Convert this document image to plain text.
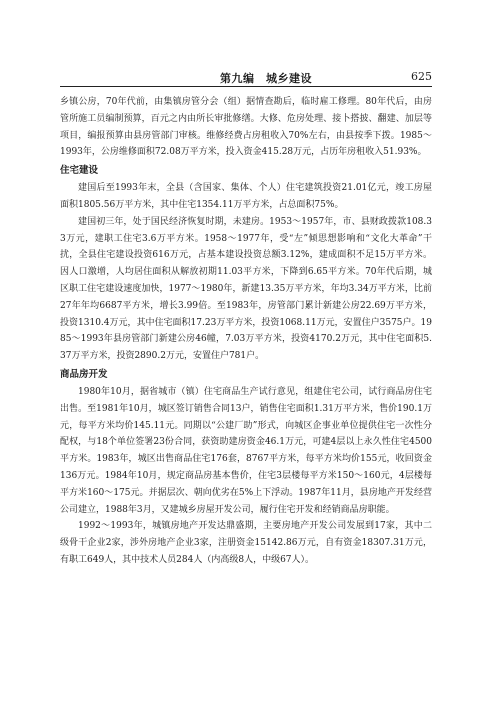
第九编　城乡建设	625

乡镇公房，70年代前，由集镇房管分会（组）据情查勘后，临时雇工修理。80年代后，由房管所施工员编制预算，百元之内由所长审批修缮。大修、危房处理、接卜搭披、翻建、加层等项目，编报预算由县房管部门审核。维修经费占房租收入70%左右，由县按季下拨。1985～1993年，公房维修面积72.08万平方米，投入资金415.28万元，占历年房租收入51.93%。

住宅建设

建国后至1993年末，全县（含国家、集体、个人）住宅建筑投资21.01亿元，竣工房屋面积1805.56万平方米，其中住宅1354.11万平方米，占总面积75%。

建国初三年，处于国民经济恢复时期，未建房。1953～1957年，市、县财政拨款108.33万元，建职工住宅3.6万平方米。1958～1977年，受“左”倾思想影响和“文化大革命”干扰，全县住宅建设投资616万元，占基本建设投资总额3.12%，建成面积不足15万平方米。因人口激增，人均居住面积从解放初期11.03平方米，下降到6.65平方米。70年代后期，城区职工住宅建设速度加快，1977～1980年，新建13.35万平方米，年均3.34万平方米，比前27年年均6687平方米，增长3.99倍。至1983年，房管部门累计新建公房22.69万平方米，投资1310.4万元，其中住宅面积17.23万平方米，投资1068.11万元，安置住户3575户。1985～1993年县房管部门新建公房46幢，7.03万平方米，投资4170.2万元，其中住宅面积5.37万平方米，投资2890.2万元，安置住户781户。

商品房开发

1980年10月，据省城市（镇）住宅商品生产试行意见，组建住宅公司，试行商品房住宅出售。至1981年10月，城区签订销售合同13户，销售住宅面积1.31万平方米，售价190.1万元，每平方米均价145.11元。同期以“公建厂助”形式，向城区企事业单位提供住宅一次性分配权，与18个单位签署23份合同，获资助建房资金46.1万元，可建4层以上永久性住宅4500平方米。1983年，城区出售商品住宅176套，8767平方米，每平方米均价155元，收回资金136万元。1984年10月，规定商品房基本售价，住宅3层楼每平方米150～160元，4层楼每平方米160～175元。并据层次、朝向优劣在5%上下浮动。1987年11月，县房地产开发经营公司建立，1988年3月，又建城乡房屋开发公司，履行住宅开发和经销商品房职能。

1992～1993年，城镇房地产开发达鼎盛期，主要房地产开发公司发展到17家，其中二级骨干企业2家，涉外房地产企业3家，注册资金15142.86万元，自有资金18307.31万元，有职工649人，其中技术人员284人（内高级8人，中级67人）。
